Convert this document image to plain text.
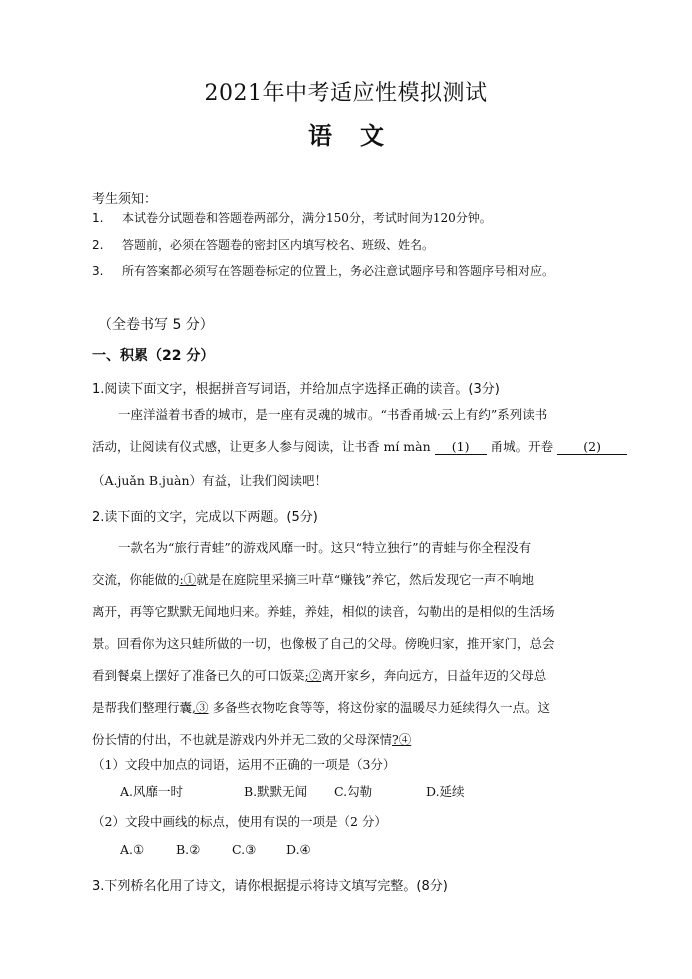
2021年中考适应性模拟测试
语 文
考生须知：
1. 本试卷分试题卷和答题卷两部分，满分150分，考试时间为120分钟。
2. 答题前，必须在答题卷的密封区内填写校名、班级、姓名。
3. 所有答案都必须写在答题卷标定的位置上，务必注意试题序号和答题序号相对应。
（全卷书写 5 分）
一、积累（22 分）
1.阅读下面文字，根据拼音写词语，并给加点字选择正确的读音。(3分)
一座洋溢着书香的城市，是一座有灵魂的城市。“书香甬城·云上有约”系列读书
活动，让阅读有仪式感，让更多人参与阅读，让书香 mí màn (1) 甬城。开卷 (2)
（A.juǎn B.juàn）有益，让我们阅读吧！
2.读下面的文字，完成以下两题。(5分)
一款名为“旅行青蛙”的游戏风靡一时。这只“特立独行”的青蛙与你全程没有
交流，你能做的:①就是在庭院里采摘三叶草“赚钱”养它，然后发现它一声不响地
离开，再等它默默无闻地归来。养蛙，养娃，相似的读音，勾勒出的是相似的生活场
景。回看你为这只蛙所做的一切，也像极了自己的父母。傍晚归家，推开家门，总会
看到餐桌上摆好了准备已久的可口饭菜;②离开家乡，奔向远方，日益年迈的父母总
是帮我们整理行囊,③ 多备些衣物吃食等等，将这份家的温暖尽力延续得久一点。这
份长情的付出，不也就是游戏内外并无二致的父母深情?④
（1）文段中加点的词语，运用不正确的一项是（3分）
A.风靡一时	B.默默无闻 C.勾勒	D.延续
（2）文段中画线的标点，使用有误的一项是（2 分）
A.①	B.②	C.③ D.④
3.下列桥名化用了诗文，请你根据提示将诗文填写完整。(8分)
